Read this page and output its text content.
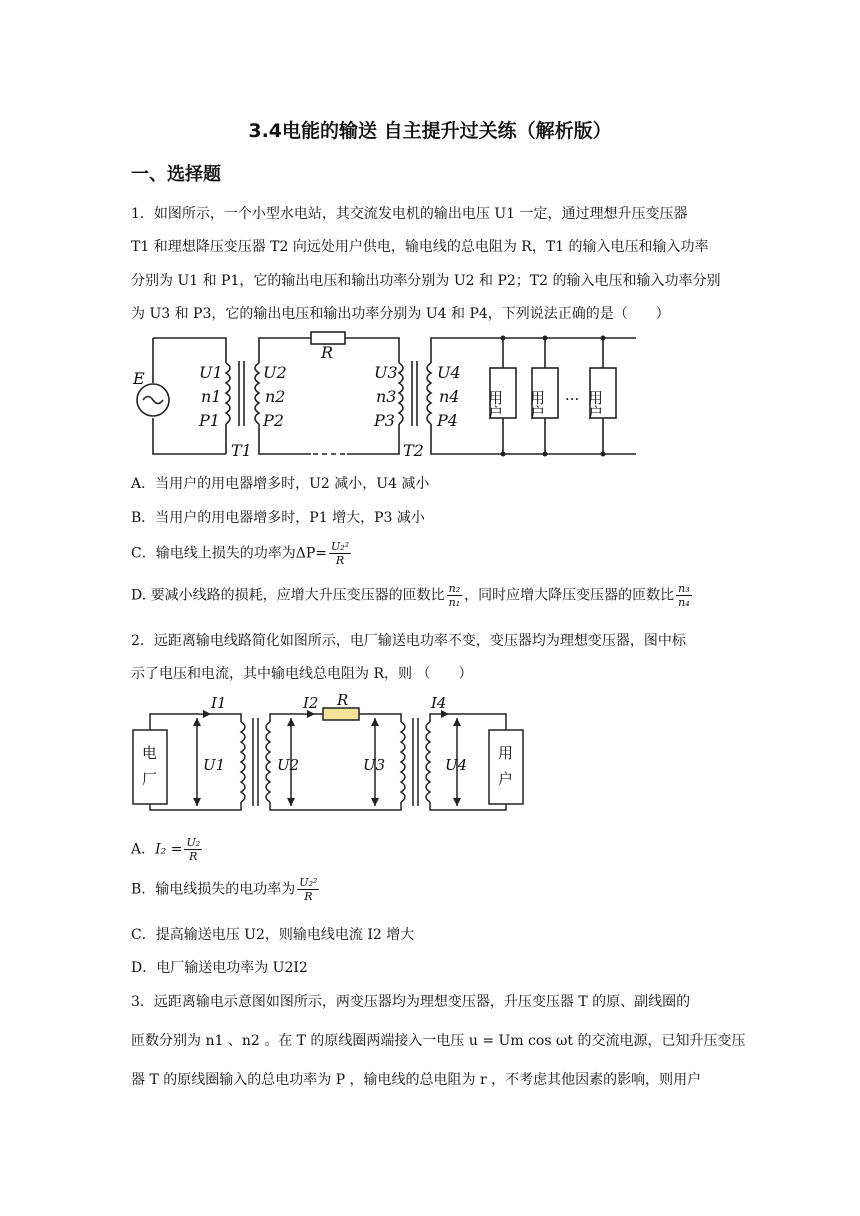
3.4电能的输送 自主提升过关练（解析版）
一、选择题
1．如图所示，一个小型水电站，其交流发电机的输出电压 U1 一定，通过理想升压变压器
T1 和理想降压变压器 T2 向远处用户供电，输电线的总电阻为 R，T1 的输入电压和输入功率
分别为 U1 和 P1，它的输出电压和输出功率分别为 U2 和 P2；T2 的输入电压和输入功率分别
为 U3 和 P3，它的输出电压和输出功率分别为 U4 和 P4，下列说法正确的是（　　）
E
R
U1
n1
P1
U2
n2
P2
T1
U3
n3
P3
T2
U4
n4
P4
用户 用户	用户
···
A．当用户的用电器增多时，U2 减小，U4 减小
B．当用户的用电器增多时，P1 增大，P3 减小
C．输电线上损失的功率为$\Delta P= \frac{\text{U₂²}}{R}$
D. 要减小线路的损耗，应增大升压变压器的匝数比 $\frac{\text{n₂}}{\text{n₁}}$ ，同时应增大降压变压器的匝数比 $\frac{\text{n₃}}{\text{n₄}}$
2．远距离输电线路简化如图所示，电厂输送电功率不变，变压器均为理想变压器，图中标
示了电压和电流，其中输电线总电阻为 R，则 （　　）
I1	I2 R	I4
U1	U2	U3	U4
电
厂
用
户
A．$I_2 = \frac{\text{U₂}}{R}$
B．输电线损失的电功率为 $\frac{\text{U₂²}}{R}$
C．提高输送电压 U2，则输电线电流 I2 增大
D．电厂输送电功率为 U2I2
3．远距离输电示意图如图所示，两变压器均为理想变压器，升压变压器 T 的原、副线圈的
匝数分别为 n1 、n2 。在 T 的原线圈两端接入一电压 u = Um cos ωt 的交流电源，已知升压变压
器 T 的原线圈输入的总电功率为 P ，输电线的总电阻为 r ，不考虑其他因素的影响，则用户
